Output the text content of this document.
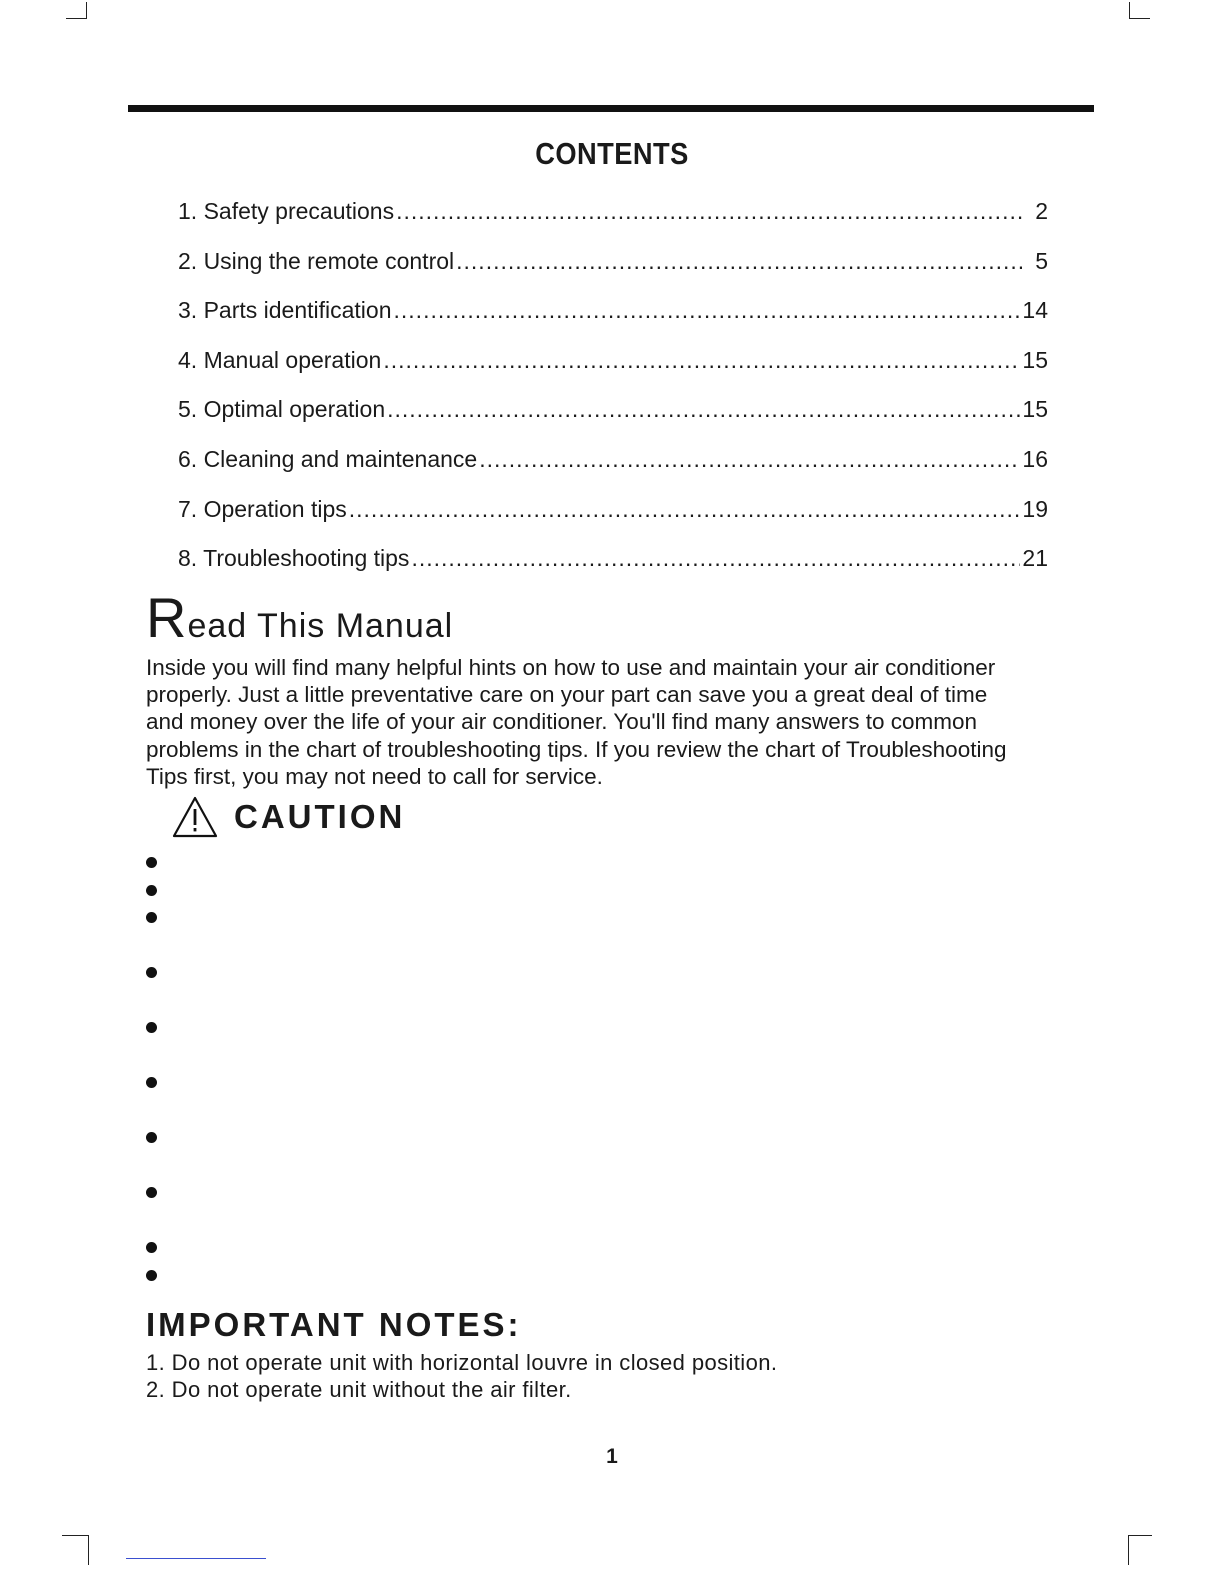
CONTENTS
1. Safety precautions .....	2
2. Using the remote control .....	5
3. Parts identification .....	14
4. Manual operation .....	15
5. Optimal operation .....	15
6. Cleaning and maintenance .....	16
7. Operation tips .....	19
8. Troubleshooting tips .....	21
Read This Manual
Inside you will find many helpful hints on how to use and maintain your air conditioner
properly. Just a little preventative care on your part can save you a great deal of time
and money over the life of your air conditioner. You'll find many answers to common
problems in the chart of troubleshooting tips. If you review the chart of Troubleshooting
Tips first, you may not need to call for service.
CAUTION
IMPORTANT NOTES:
1. Do not operate unit with horizontal louvre in closed position.
2. Do not operate unit without the air filter.
1
